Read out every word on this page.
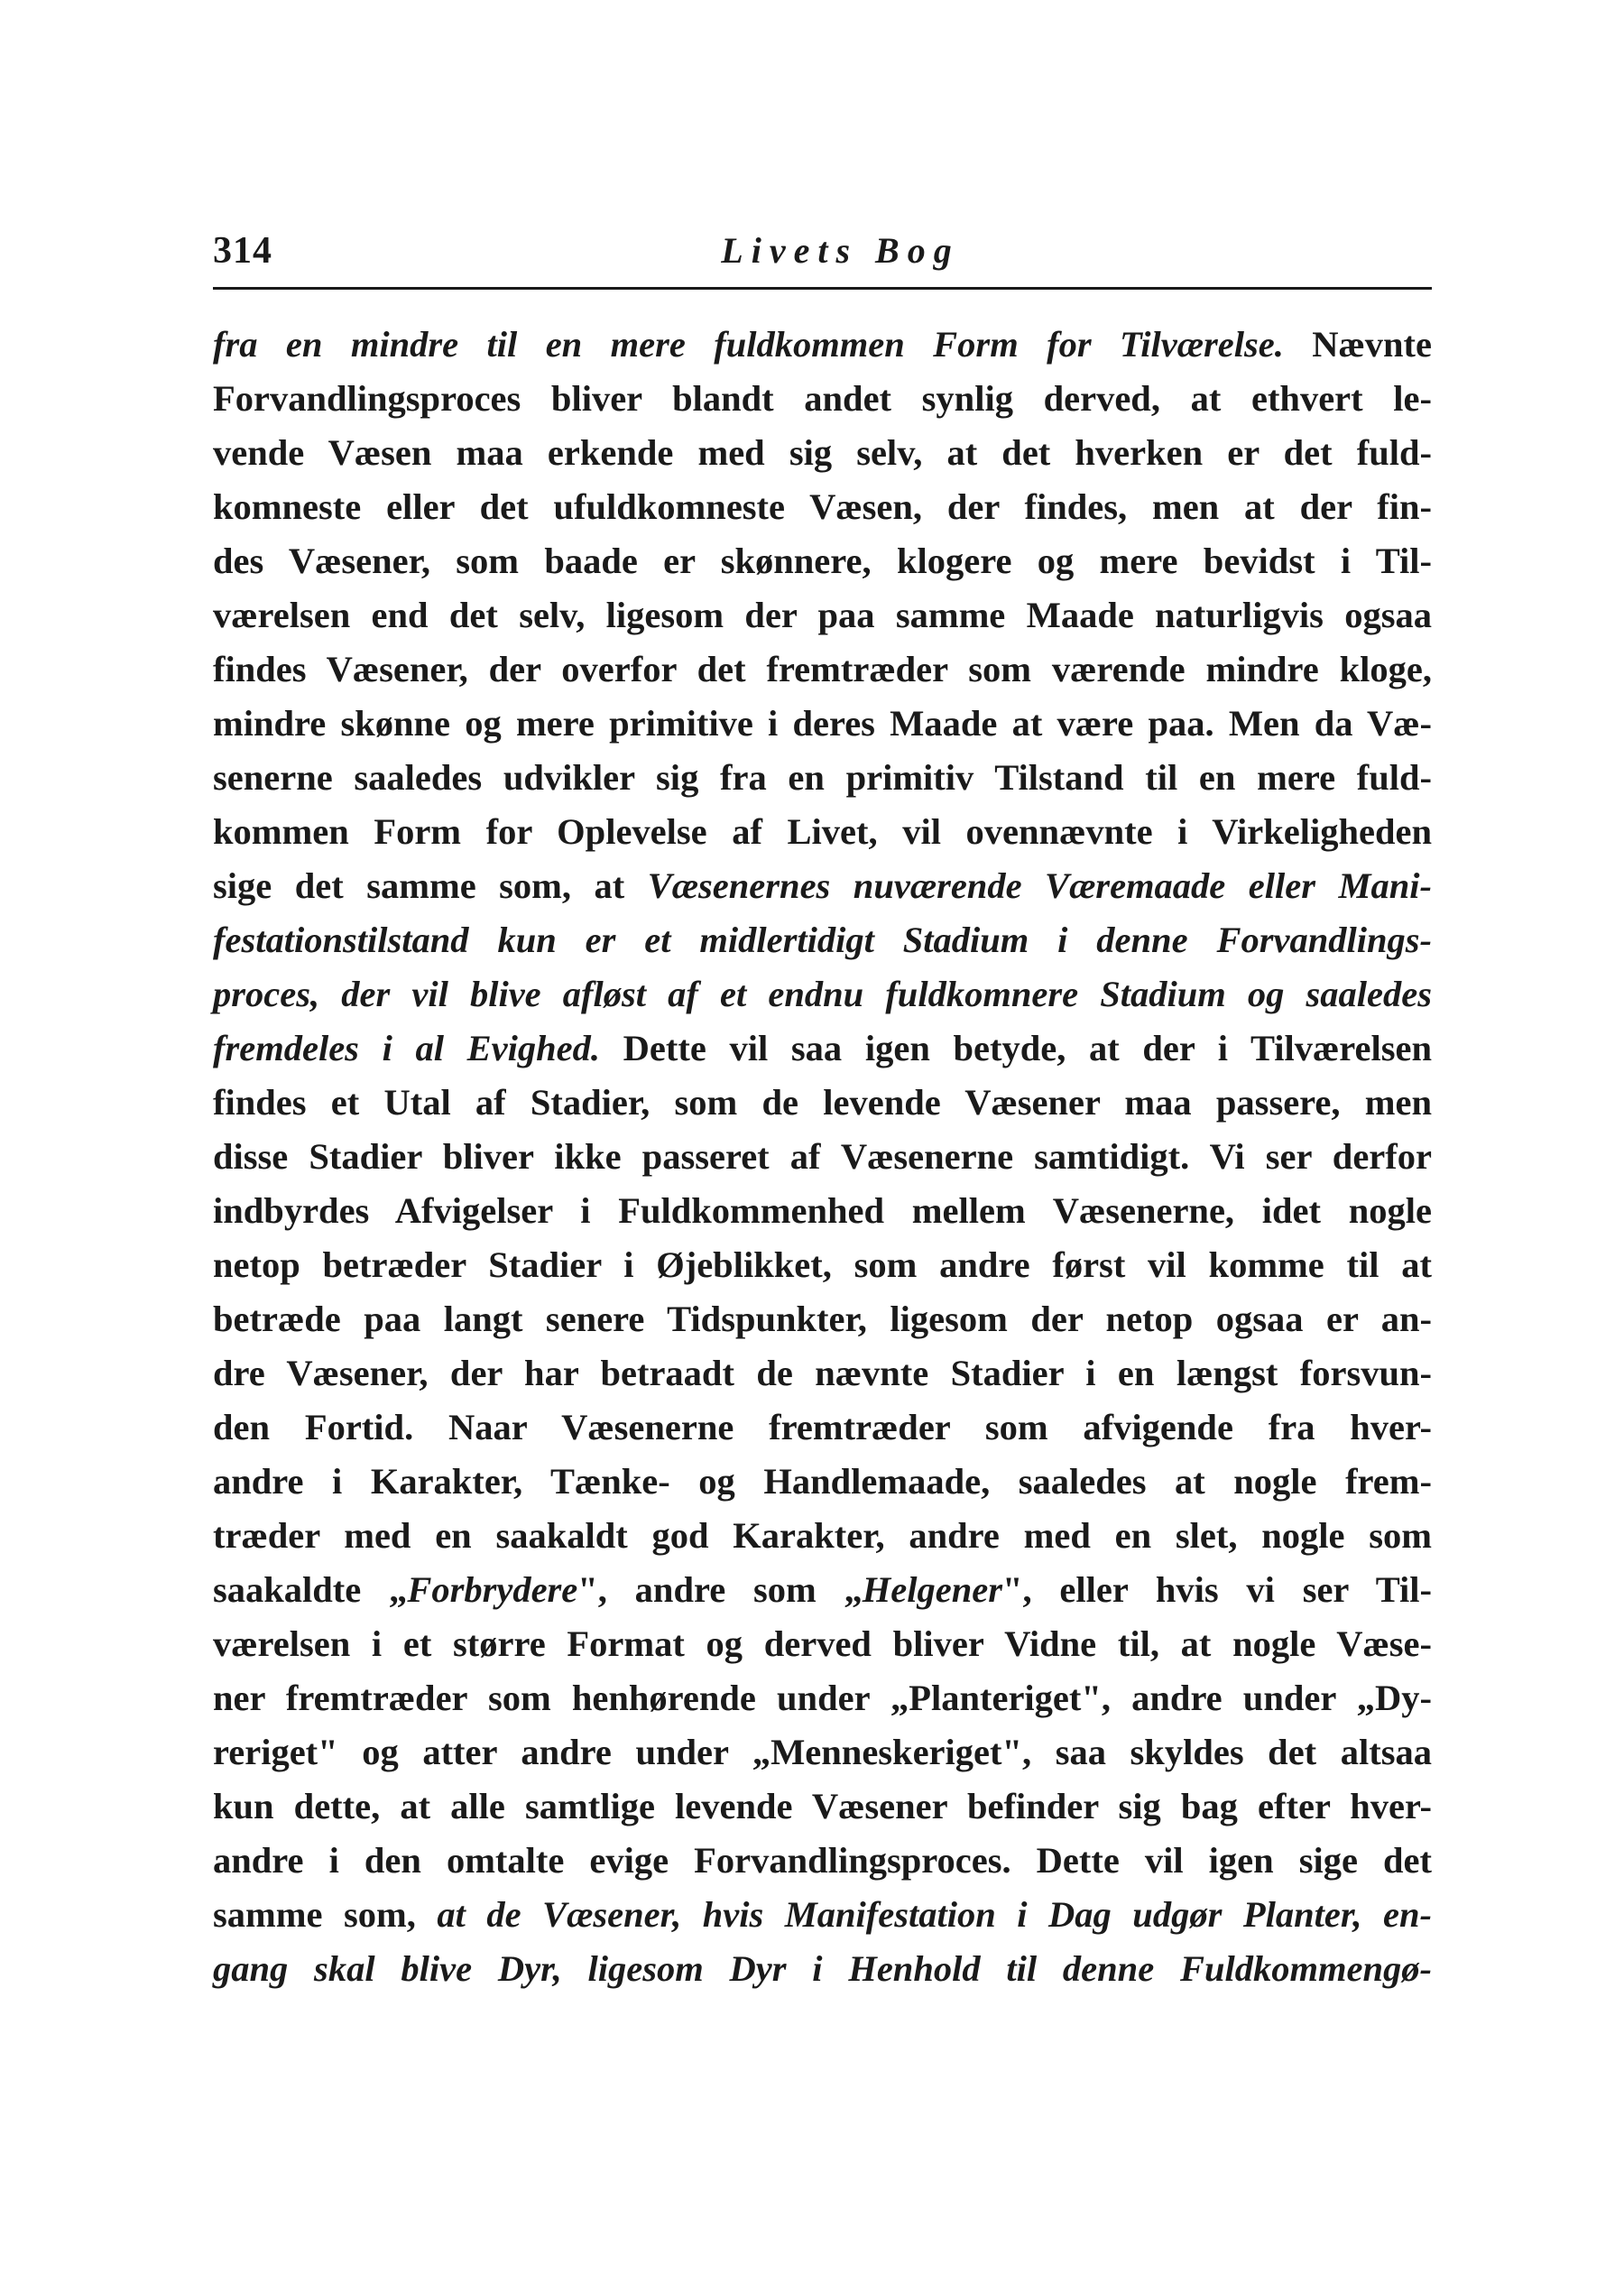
314	Livets Bog
fra en mindre til en mere fuldkommen Form for Tilværelse. Nævnte
Forvandlingsproces bliver blandt andet synlig derved, at ethvert le-
vende Væsen maa erkende med sig selv, at det hverken er det fuld-
komneste eller det ufuldkomneste Væsen, der findes, men at der fin-
des Væsener, som baade er skønnere, klogere og mere bevidst i Til-
værelsen end det selv, ligesom der paa samme Maade naturligvis ogsaa
findes Væsener, der overfor det fremtræder som værende mindre kloge,
mindre skønne og mere primitive i deres Maade at være paa. Men da Væ-
senerne saaledes udvikler sig fra en primitiv Tilstand til en mere fuld-
kommen Form for Oplevelse af Livet, vil ovennævnte i Virkeligheden
sige det samme som, at Væsenernes nuværende Væremaade eller Mani-
festationstilstand kun er et midlertidigt Stadium i denne Forvandlings-
proces, der vil blive afløst af et endnu fuldkomnere Stadium og saaledes
fremdeles i al Evighed. Dette vil saa igen betyde, at der i Tilværelsen
findes et Utal af Stadier, som de levende Væsener maa passere, men
disse Stadier bliver ikke passeret af Væsenerne samtidigt. Vi ser derfor
indbyrdes Afvigelser i Fuldkommenhed mellem Væsenerne, idet nogle
netop betræder Stadier i Øjeblikket, som andre først vil komme til at
betræde paa langt senere Tidspunkter, ligesom der netop ogsaa er an-
dre Væsener, der har betraadt de nævnte Stadier i en længst forsvun-
den Fortid. Naar Væsenerne fremtræder som afvigende fra hver-
andre i Karakter, Tænke- og Handlemaade, saaledes at nogle frem-
træder med en saakaldt god Karakter, andre med en slet, nogle som
saakaldte „Forbrydere", andre som „Helgener", eller hvis vi ser Til-
værelsen i et større Format og derved bliver Vidne til, at nogle Væse-
ner fremtræder som henhørende under „Planteriget", andre under „Dy-
reriget" og atter andre under „Menneskeriget", saa skyldes det altsaa
kun dette, at alle samtlige levende Væsener befinder sig bag efter hver-
andre i den omtalte evige Forvandlingsproces. Dette vil igen sige det
samme som, at de Væsener, hvis Manifestation i Dag udgør Planter, en-
gang skal blive Dyr, ligesom Dyr i Henhold til denne Fuldkommengø-
